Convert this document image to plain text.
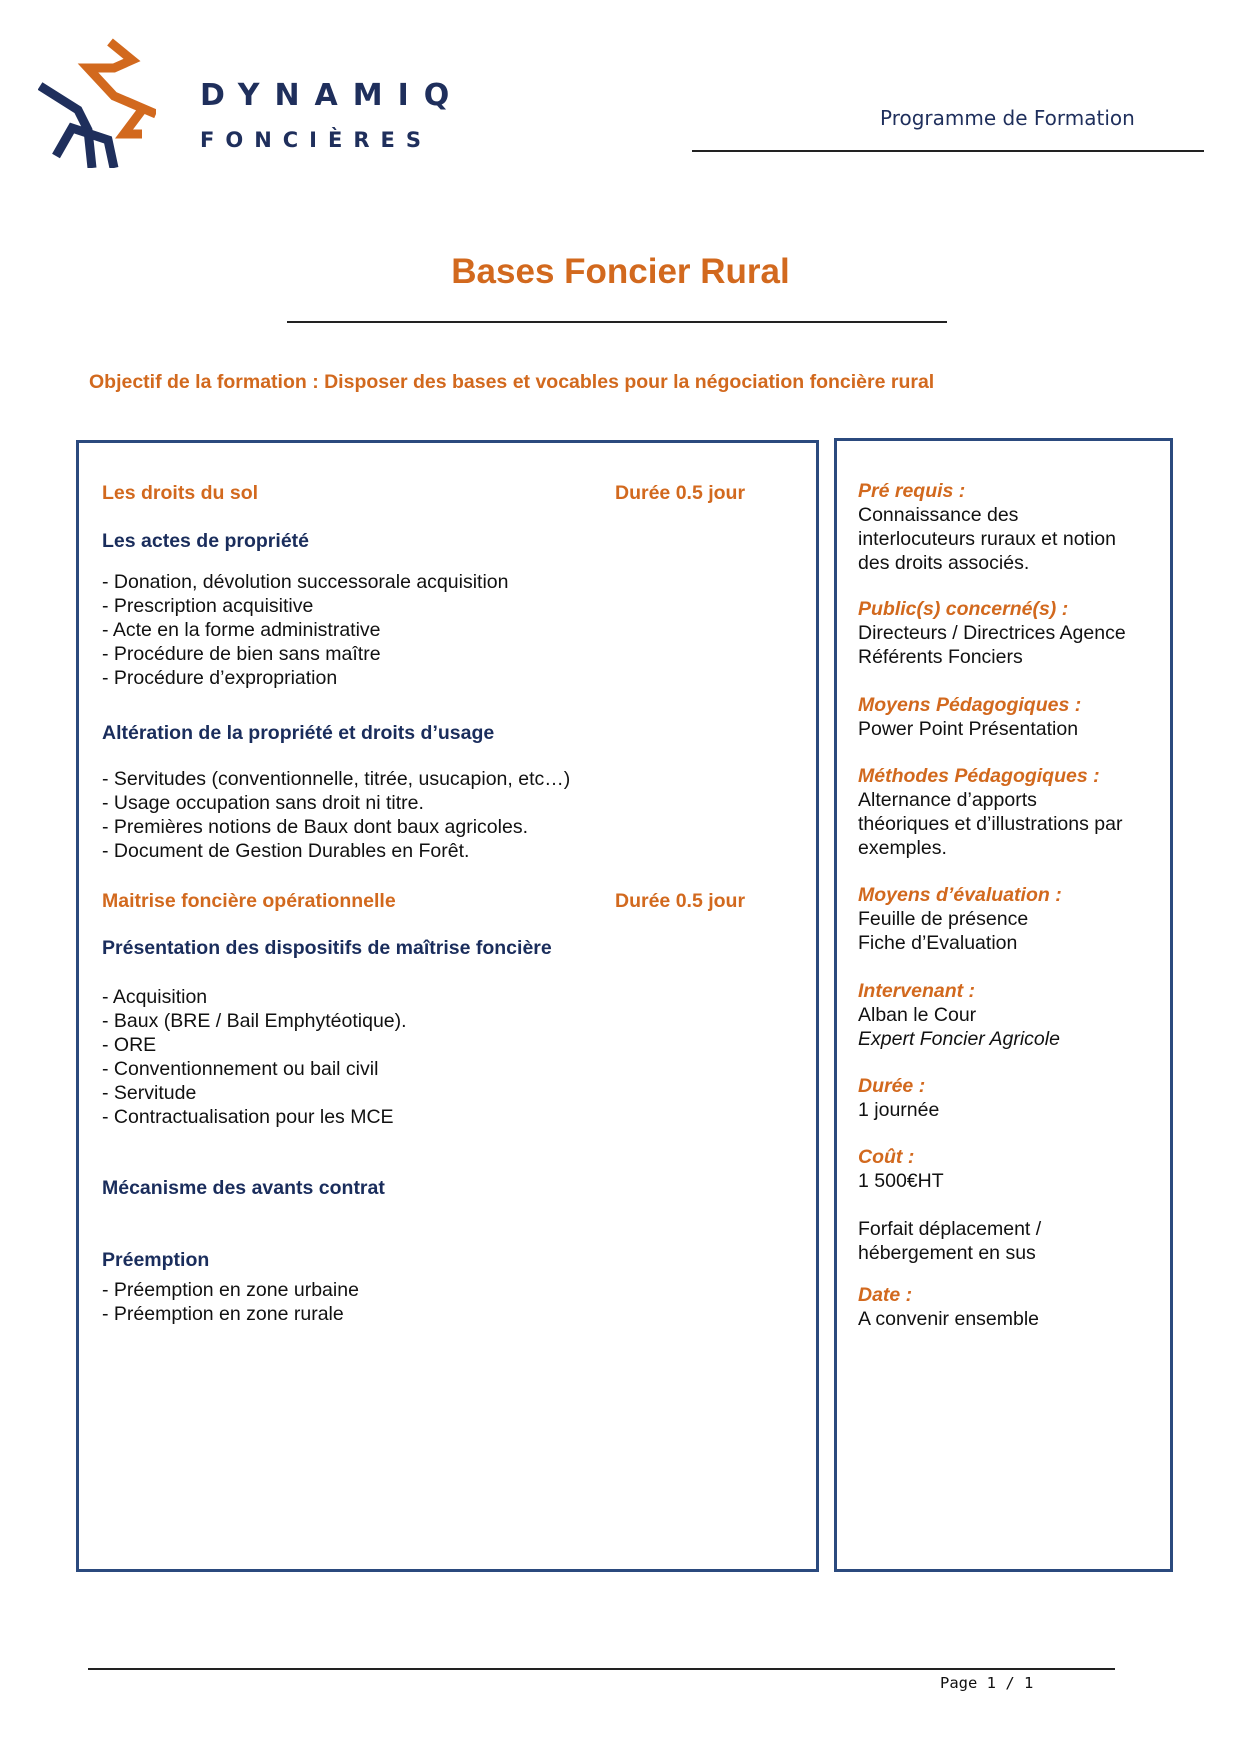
DYNAMIQ
FONCIÈRES
Programme de Formation
Bases Foncier Rural
Objectif de la formation : Disposer des bases et vocables pour la négociation foncière rural
Les droits du sol	Durée 0.5 jour
Les actes de propriété
- Donation, dévolution successorale acquisition
- Prescription acquisitive
- Acte en la forme administrative
- Procédure de bien sans maître
- Procédure d’expropriation
Altération de la propriété et droits d’usage
- Servitudes (conventionnelle, titrée, usucapion, etc…)
- Usage occupation sans droit ni titre.
- Premières notions de Baux dont baux agricoles.
- Document de Gestion Durables en Forêt.
Maitrise foncière opérationnelle	Durée 0.5 jour
Présentation des dispositifs de maîtrise foncière
- Acquisition
- Baux (BRE / Bail Emphytéotique).
- ORE
- Conventionnement ou bail civil
- Servitude
- Contractualisation pour les MCE
Mécanisme des avants contrat
Préemption
- Préemption en zone urbaine
- Préemption en zone rurale
Pré requis :
Connaissance des
interlocuteurs ruraux et notion
des droits associés.
Public(s) concerné(s) :
Directeurs / Directrices Agence
Référents Fonciers
Moyens Pédagogiques :
Power Point Présentation
Méthodes Pédagogiques :
Alternance d’apports
théoriques et d’illustrations par
exemples.
Moyens d’évaluation :
Feuille de présence
Fiche d’Evaluation
Intervenant :
Alban le Cour
Expert Foncier Agricole
Durée :
1 journée
Coût :
1 500€HT
Forfait déplacement /
hébergement en sus
Date :
A convenir ensemble
Page 1 / 1
